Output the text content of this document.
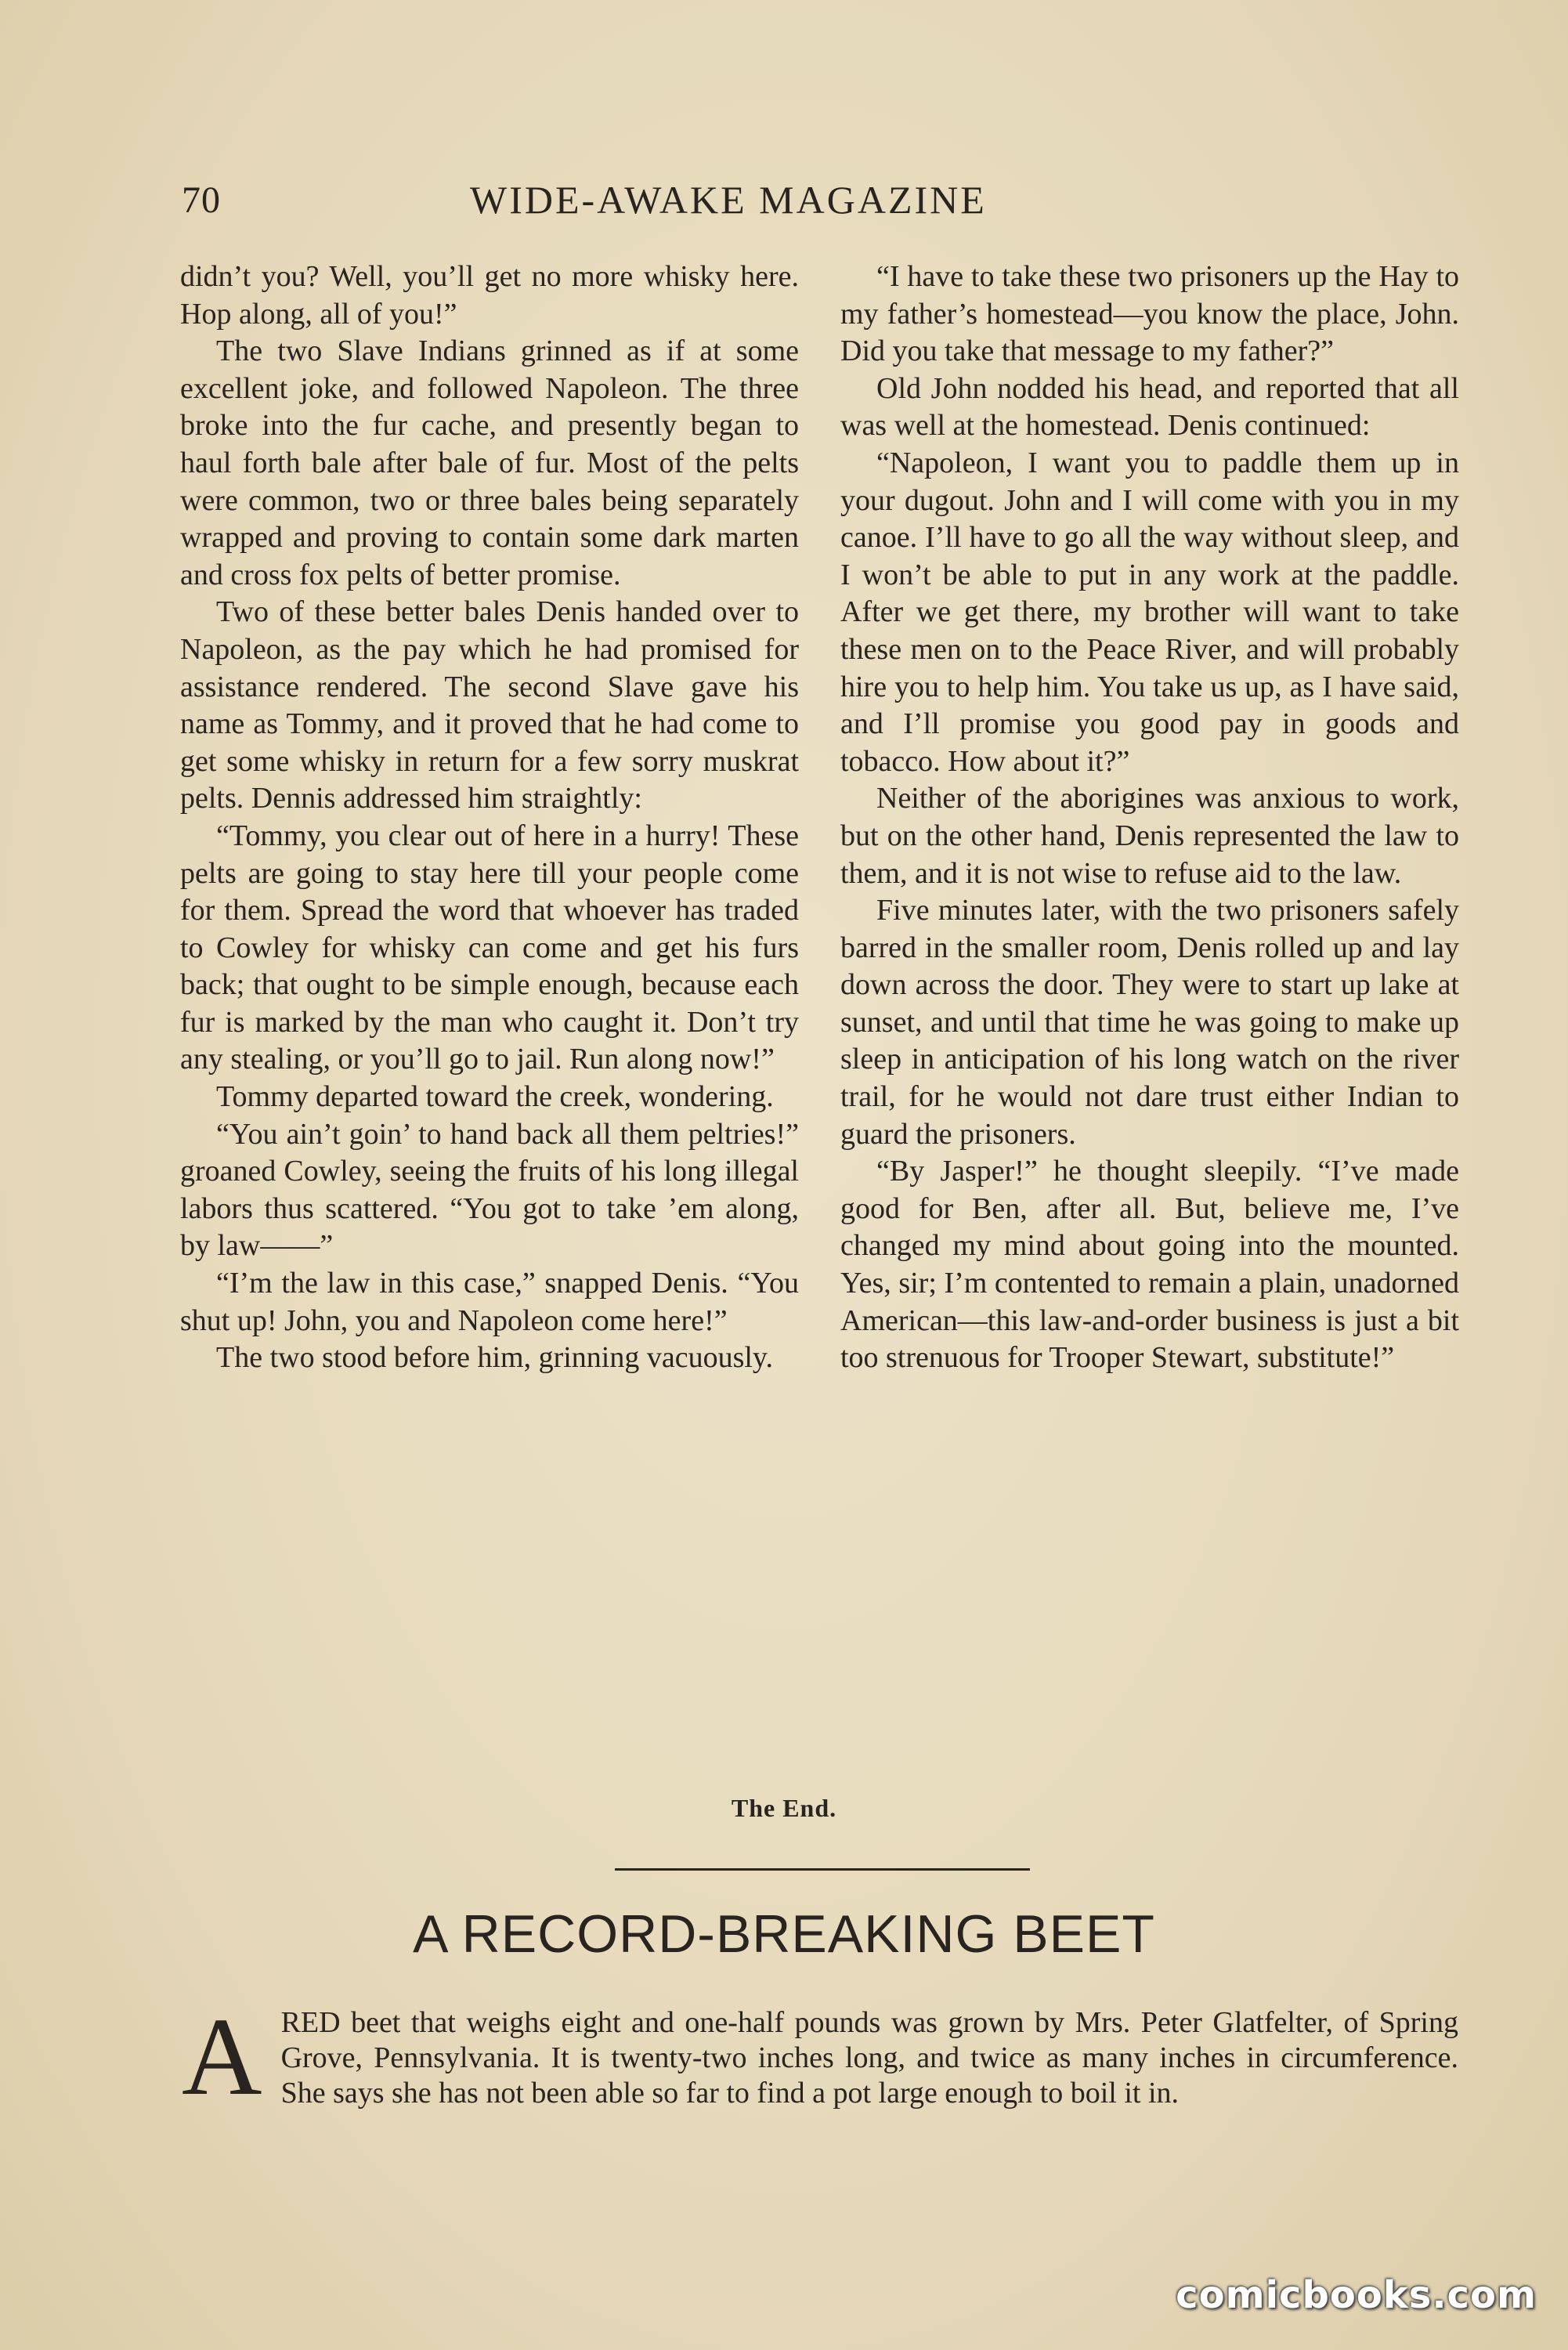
70	WIDE-AWAKE MAGAZINE

didn’t you? Well, you’ll get no more whisky here. Hop along, all of you!”

The two Slave Indians grinned as if at some excellent joke, and followed Napoleon. The three broke into the fur cache, and presently began to haul forth bale after bale of fur. Most of the pelts were common, two or three bales being separately wrapped and proving to contain some dark marten and cross fox pelts of better promise.

Two of these better bales Denis handed over to Napoleon, as the pay which he had promised for assistance rendered. The second Slave gave his name as Tommy, and it proved that he had come to get some whisky in return for a few sorry muskrat pelts. Dennis addressed him straightly:

“Tommy, you clear out of here in a hurry! These pelts are going to stay here till your people come for them. Spread the word that whoever has traded to Cowley for whisky can come and get his furs back; that ought to be simple enough, because each fur is marked by the man who caught it. Don’t try any stealing, or you’ll go to jail. Run along now!”

Tommy departed toward the creek, wondering.

“You ain’t goin’ to hand back all them peltries!” groaned Cowley, seeing the fruits of his long illegal labors thus scattered. “You got to take ’em along, by law——”

“I’m the law in this case,” snapped Denis. “You shut up! John, you and Napoleon come here!”

The two stood before him, grinning vacuously.

“I have to take these two prisoners up the Hay to my father’s homestead—you know the place, John. Did you take that message to my father?”

Old John nodded his head, and reported that all was well at the homestead. Denis continued:

“Napoleon, I want you to paddle them up in your dugout. John and I will come with you in my canoe. I’ll have to go all the way without sleep, and I won’t be able to put in any work at the paddle. After we get there, my brother will want to take these men on to the Peace River, and will probably hire you to help him. You take us up, as I have said, and I’ll promise you good pay in goods and tobacco. How about it?”

Neither of the aborigines was anxious to work, but on the other hand, Denis represented the law to them, and it is not wise to refuse aid to the law.

Five minutes later, with the two prisoners safely barred in the smaller room, Denis rolled up and lay down across the door. They were to start up lake at sunset, and until that time he was going to make up sleep in anticipation of his long watch on the river trail, for he would not dare trust either Indian to guard the prisoners.

“By Jasper!” he thought sleepily. “I’ve made good for Ben, after all. But, believe me, I’ve changed my mind about going into the mounted. Yes, sir; I’m contented to remain a plain, unadorned American—this law-and-order business is just a bit too strenuous for Trooper Stewart, substitute!”

The End.
A RECORD-BREAKING BEET
A RED beet that weighs eight and one-half pounds was grown by Mrs. Peter Glatfelter, of Spring Grove, Pennsylvania. It is twenty-two inches long, and twice as many inches in circumference. She says she has not been able so far to find a pot large enough to boil it in.
comicbooks.com
